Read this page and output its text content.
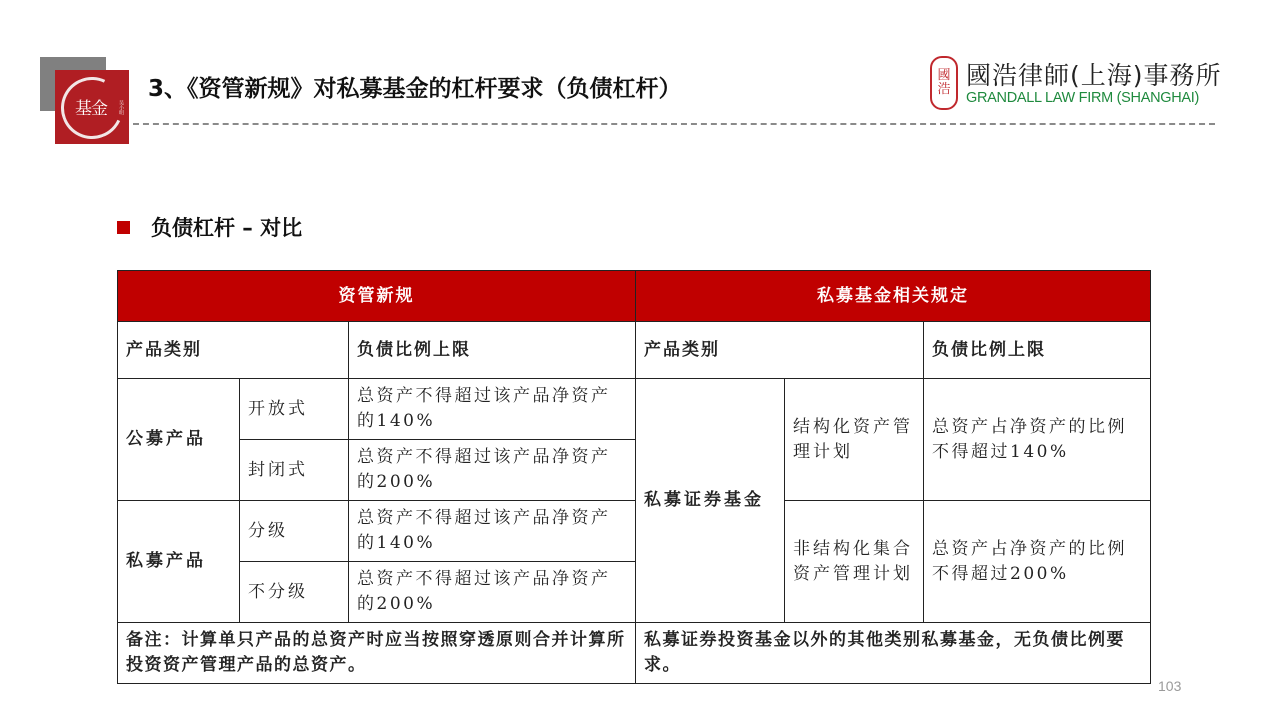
基金	吴小明
3、《资管新规》对私募基金的杠杆要求（负债杠杆）
國
浩 國浩律師(上海)事務所
GRANDALL LAW FIRM (SHANGHAI)
负债杠杆 – 对比
资管新规			私募基金相关规定		
产品类别		负债比例上限	产品类别		负债比例上限
公募产品	开放式	总资产不得超过该产品净资产的140%	私募证券基金	结构化资产管理计划	总资产占净资产的比例不得超过140%
	封闭式	总资产不得超过该产品净资产的200%			
私募产品	分级	总资产不得超过该产品净资产的140%		非结构化集合资产管理计划	总资产占净资产的比例不得超过200%
	不分级	总资产不得超过该产品净资产的200%			
备注：计算单只产品的总资产时应当按照穿透原则合并计算所投资资产管理产品的总资产。			私募证券投资基金以外的其他类别私募基金，无负债比例要求。		
103
